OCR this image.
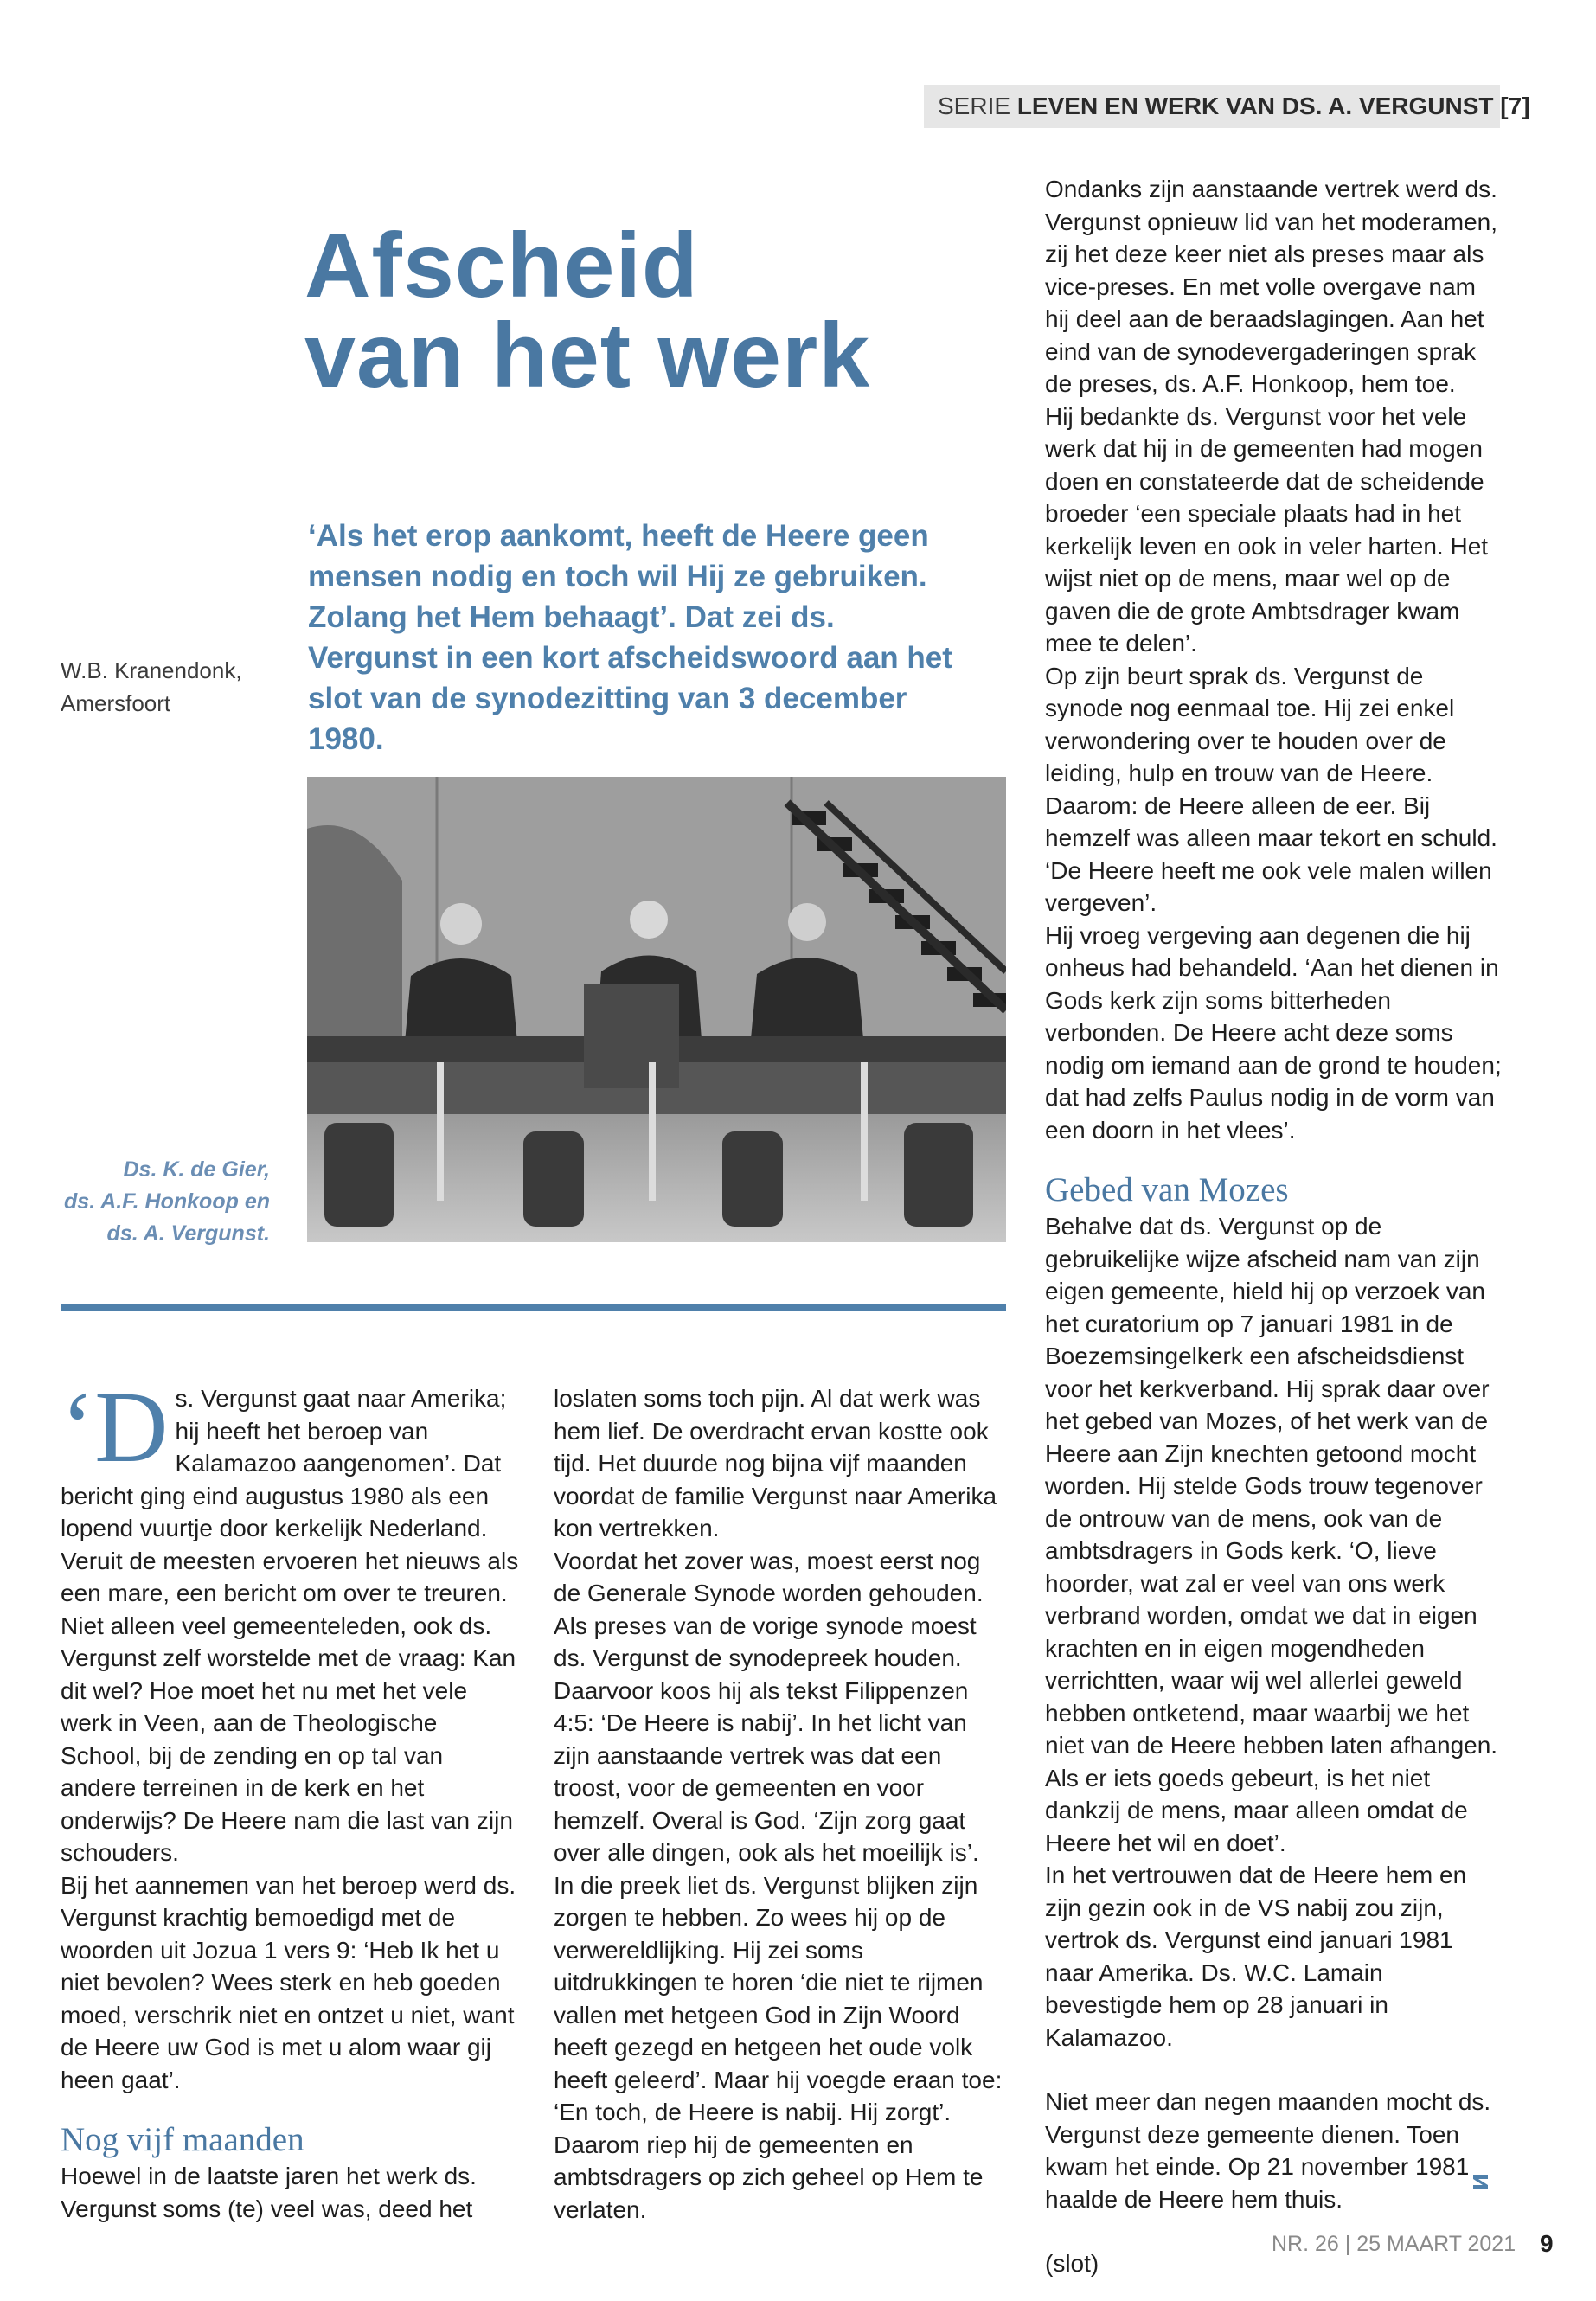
SERIE LEVEN EN WERK VAN DS. A. VERGUNST [7]
Afscheid
van het werk
‘Als het erop aankomt, heeft de Heere geen mensen nodig en toch wil Hij ze gebruiken. Zolang het Hem behaagt’. Dat zei ds. Vergunst in een kort afscheidswoord aan het slot van de synodezitting van 3 december 1980.
W.B. Kranendonk,
Amersfoort
Ds. K. de Gier,
ds. A.F. Honkoop en
ds. A. Vergunst.

‘Ds. Vergunst gaat naar Amerika; hij heeft het beroep van Kalamazoo aangenomen’. Dat bericht ging eind augustus 1980 als een lopend vuurtje door kerkelijk Nederland. Veruit de meesten ervoeren het nieuws als een mare, een bericht om over te treuren. Niet alleen veel gemeenteleden, ook ds. Vergunst zelf worstelde met de vraag: Kan dit wel? Hoe moet het nu met het vele werk in Veen, aan de Theologische School, bij de zending en op tal van andere terreinen in de kerk en het onderwijs? De Heere nam die last van zijn schouders.

Bij het aannemen van het beroep werd ds. Vergunst krachtig bemoedigd met de woorden uit Jozua 1 vers 9: ‘Heb Ik het u niet bevolen? Wees sterk en heb goeden moed, verschrik niet en ontzet u niet, want de Heere uw God is met u alom waar gij heen gaat’.

Nog vijf maanden

Hoewel in de laatste jaren het werk ds. Vergunst soms (te) veel was, deed het

loslaten soms toch pijn. Al dat werk was hem lief. De overdracht ervan kostte ook tijd. Het duurde nog bijna vijf maanden voordat de familie Vergunst naar Amerika kon vertrekken.

Voordat het zover was, moest eerst nog de Generale Synode worden gehouden. Als preses van de vorige synode moest ds. Vergunst de synodepreek houden. Daarvoor koos hij als tekst Filippenzen 4:5: ‘De Heere is nabij’. In het licht van zijn aanstaande vertrek was dat een troost, voor de gemeenten en voor hemzelf. Overal is God. ‘Zijn zorg gaat over alle dingen, ook als het moeilijk is’.

In die preek liet ds. Vergunst blijken zijn zorgen te hebben. Zo wees hij op de verwereldlijking. Hij zei soms uitdrukkingen te horen ‘die niet te rijmen vallen met hetgeen God in Zijn Woord heeft gezegd en hetgeen het oude volk heeft geleerd’. Maar hij voegde eraan toe: ‘En toch, de Heere is nabij. Hij zorgt’. Daarom riep hij de gemeenten en ambtsdragers op zich geheel op Hem te verlaten.

Ondanks zijn aanstaande vertrek werd ds. Vergunst opnieuw lid van het moderamen, zij het deze keer niet als preses maar als vice-preses. En met volle overgave nam hij deel aan de beraadslagingen. Aan het eind van de synodevergaderingen sprak de preses, ds. A.F. Honkoop, hem toe.

Hij bedankte ds. Vergunst voor het vele werk dat hij in de gemeenten had mogen doen en constateerde dat de scheidende broeder ‘een speciale plaats had in het kerkelijk leven en ook in veler harten. Het wijst niet op de mens, maar wel op de gaven die de grote Ambtsdrager kwam mee te delen’.

Op zijn beurt sprak ds. Vergunst de synode nog eenmaal toe. Hij zei enkel verwondering over te houden over de leiding, hulp en trouw van de Heere. Daarom: de Heere alleen de eer. Bij hemzelf was alleen maar tekort en schuld. ‘De Heere heeft me ook vele malen willen vergeven’.

Hij vroeg vergeving aan degenen die hij onheus had behandeld. ‘Aan het dienen in Gods kerk zijn soms bitterheden verbonden. De Heere acht deze soms nodig om iemand aan de grond te houden; dat had zelfs Paulus nodig in de vorm van een doorn in het vlees’.

Gebed van Mozes

Behalve dat ds. Vergunst op de gebruikelijke wijze afscheid nam van zijn eigen gemeente, hield hij op verzoek van het curatorium op 7 januari 1981 in de Boezemsingelkerk een afscheidsdienst voor het kerkverband. Hij sprak daar over het gebed van Mozes, of het werk van de Heere aan Zijn knechten getoond mocht worden. Hij stelde Gods trouw tegenover de ontrouw van de mens, ook van de ambtsdragers in Gods kerk. ‘O, lieve hoorder, wat zal er veel van ons werk verbrand worden, omdat we dat in eigen krachten en in eigen mogendheden verrichtten, waar wij wel allerlei geweld hebben ontketend, maar waarbij we het niet van de Heere hebben laten afhangen. Als er iets goeds gebeurt, is het niet dankzij de mens, maar alleen omdat de Heere het wil en doet’.

In het vertrouwen dat de Heere hem en zijn gezin ook in de VS nabij zou zijn, vertrok ds. Vergunst eind januari 1981 naar Amerika. Ds. W.C. Lamain bevestigde hem op 28 januari in Kalamazoo.

Niet meer dan negen maanden mocht ds. Vergunst deze gemeente dienen. Toen kwam het einde. Op 21 november 1981 haalde de Heere hem thuis.

(slot)

NR. 26 | 25 MAART 2021 9
